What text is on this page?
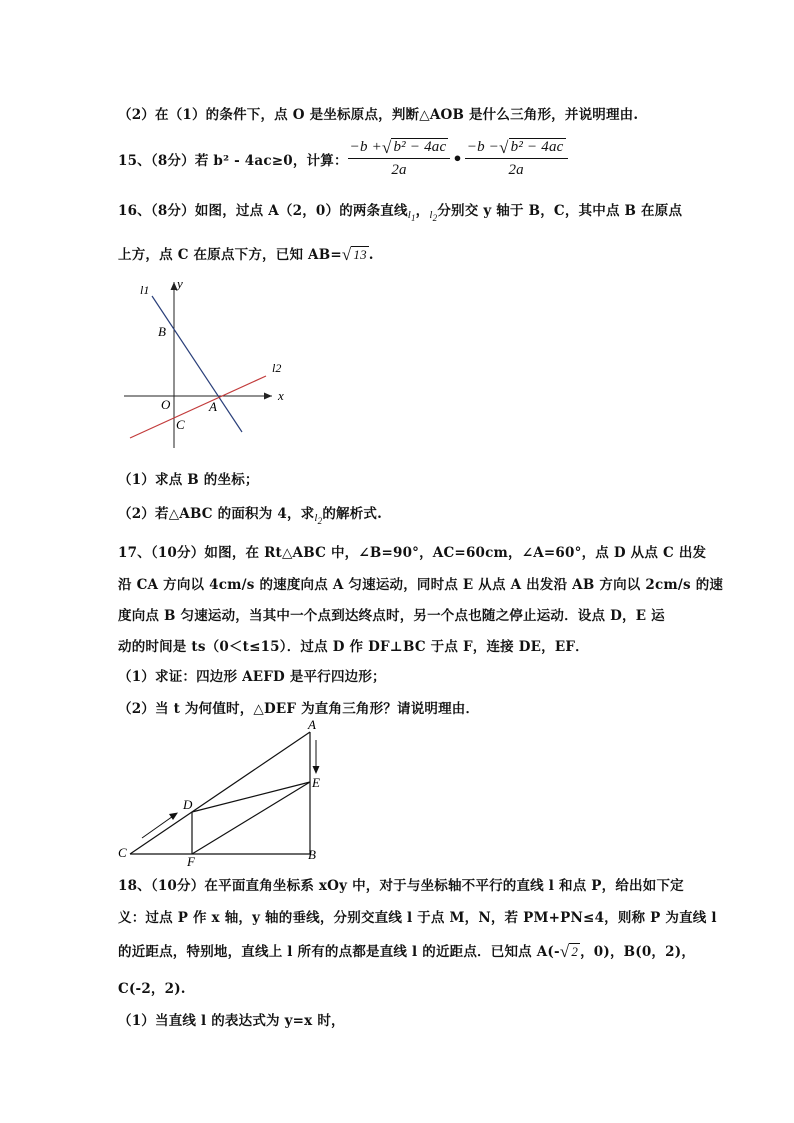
（2）在（1）的条件下，点 O 是坐标原点，判断△AOB 是什么三角形，并说明理由.
15、（8分）若 b² - 4ac≥0，计算： $\frac{\text{−b + √ b² − 4ac}}{2a}$ • $\frac{\text{−b − √ b² − 4ac}}{2a}$
16、（8分）如图，过点 A（2，0）的两条直线$_{l_1}$，$_{l_2}$分别交 y 轴于 B，C，其中点 B 在原点
上方，点 C 在原点下方，已知 AB= √ 13 .
l1 y
B
l2
x
O	A
C
（1）求点 B 的坐标；
（2）若△ABC 的面积为 4，求$_{l_2}$的解析式.
17、（10分）如图，在 Rt△ABC 中，∠B=90°，AC=60cm，∠A=60°，点 D 从点 C 出发
沿 CA 方向以 4cm/s 的速度向点 A 匀速运动，同时点 E 从点 A 出发沿 AB 方向以 2cm/s 的速
度向点 B 匀速运动，当其中一个点到达终点时，另一个点也随之停止运动．设点 D，E 运
动的时间是 ts（0＜t≤15）．过点 D 作 DF⊥BC 于点 F，连接 DE，EF．
（1）求证：四边形 AEFD 是平行四边形；
（2）当 t 为何值时，△DEF 为直角三角形？请说明理由．
A
E
D
C
F	B
18、（10分）在平面直角坐标系 xOy 中，对于与坐标轴不平行的直线 l 和点 P，给出如下定
义：过点 P 作 x 轴，y 轴的垂线，分别交直线 l 于点 M，N，若 PM+PN≤4，则称 P 为直线 l
的近距点，特别地，直线上 l 所有的点都是直线 l 的近距点．已知点 A(- √ 2 ，0)，B(0，2)，
C(-2，2).
（1）当直线 l 的表达式为 y=x 时，
